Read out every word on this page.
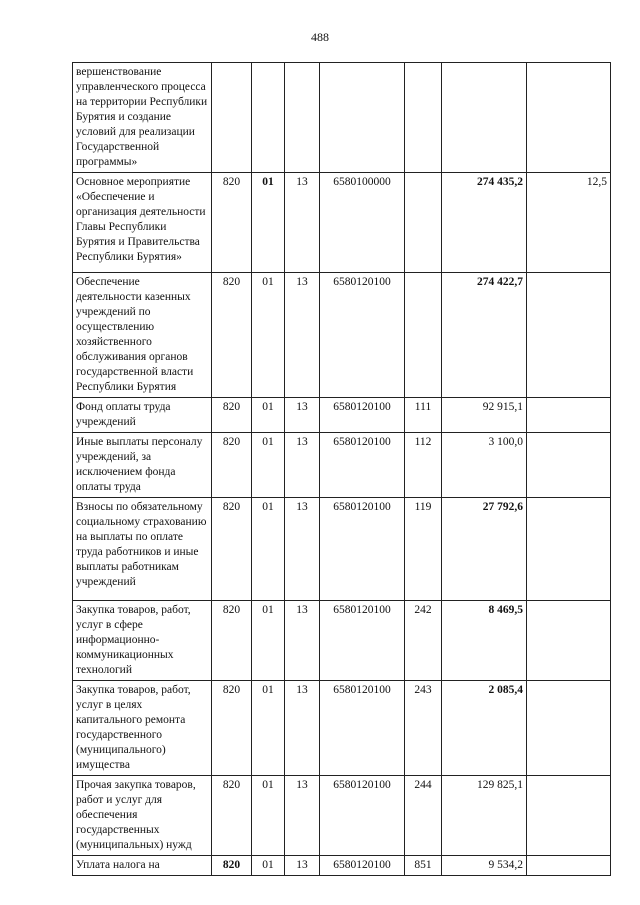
488
вершенствование управленческого процесса на территории Республики Бурятия и создание условий для реализации Государственной программы»							
Основное мероприятие «Обеспечение и организация деятельности Главы Республики Бурятия и Правительства Республики Бурятия»	820	01	13	6580100000		274 435,2	12,5
Обеспечение деятельности казенных учреждений по осуществлению хозяйственного обслуживания органов государственной власти Республики Бурятия	820	01	13	6580120100		274 422,7	
Фонд оплаты труда учреждений	820	01	13	6580120100	111	92 915,1	
Иные выплаты персоналу учреждений, за исключением фонда оплаты труда	820	01	13	6580120100	112	3 100,0	
Взносы по обязательному социальному страхованию на выплаты по оплате труда работников и иные выплаты работникам учреждений	820	01	13	6580120100	119	27 792,6	
Закупка товаров, работ, услуг в сфере информационно-коммуникационных технологий	820	01	13	6580120100	242	8 469,5	
Закупка товаров, работ, услуг в целях капитального ремонта государственного (муниципального) имущества	820	01	13	6580120100	243	2 085,4	
Прочая закупка товаров, работ и услуг для обеспечения государственных (муниципальных) нужд	820	01	13	6580120100	244	129 825,1	
Уплата налога на	820	01	13	6580120100	851	9 534,2	
